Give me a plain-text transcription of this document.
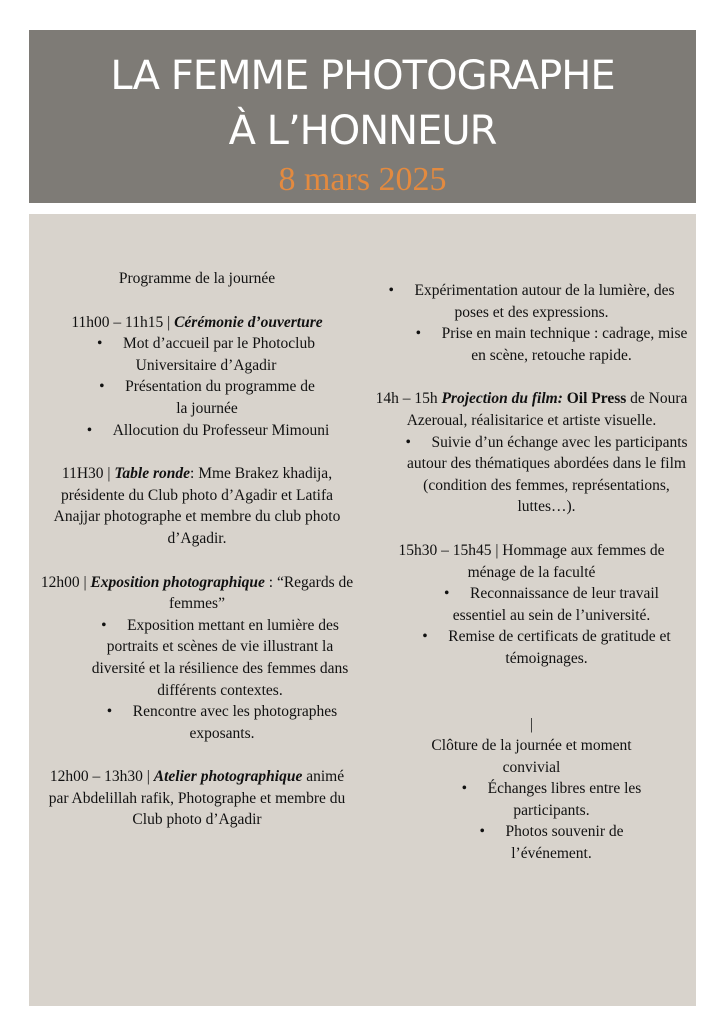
LA FEMME PHOTOGRAPHE
À L’HONNEUR
8 mars 2025

Programme de la journée

11h00 – 11h15 | Cérémonie d’ouverture

• Mot d’accueil par le Photoclub Universitaire d’Agadir

• Présentation du programme de la journée

• Allocution du Professeur Mimouni

11H30 | Table ronde: Mme Brakez khadija, présidente du Club photo d’Agadir et Latifa Anajjar photographe et membre du club photo d’Agadir.

12h00 | Exposition photographique : “Regards de femmes”

• Exposition mettant en lumière des portraits et scènes de vie illustrant la diversité et la résilience des femmes dans différents contextes.

• Rencontre avec les photographes exposants.

12h00 – 13h30 | Atelier photographique animé par Abdelillah rafik, Photographe et membre du Club photo d’Agadir

• Expérimentation autour de la lumière, des poses et des expressions.

• Prise en main technique : cadrage, mise en scène, retouche rapide.

14h – 15h Projection du film: Oil Press de Noura Azeroual, réalisitarice et artiste visuelle.

• Suivie d’un échange avec les participants autour des thématiques abordées dans le film (condition des femmes, représentations, luttes…).

15h30 – 15h45 | Hommage aux femmes de ménage de la faculté

• Reconnaissance de leur travail essentiel au sein de l’université.

• Remise de certificats de gratitude et témoignages.

|

Clôture de la journée et moment convivial

• Échanges libres entre les participants.

• Photos souvenir de l’événement.
